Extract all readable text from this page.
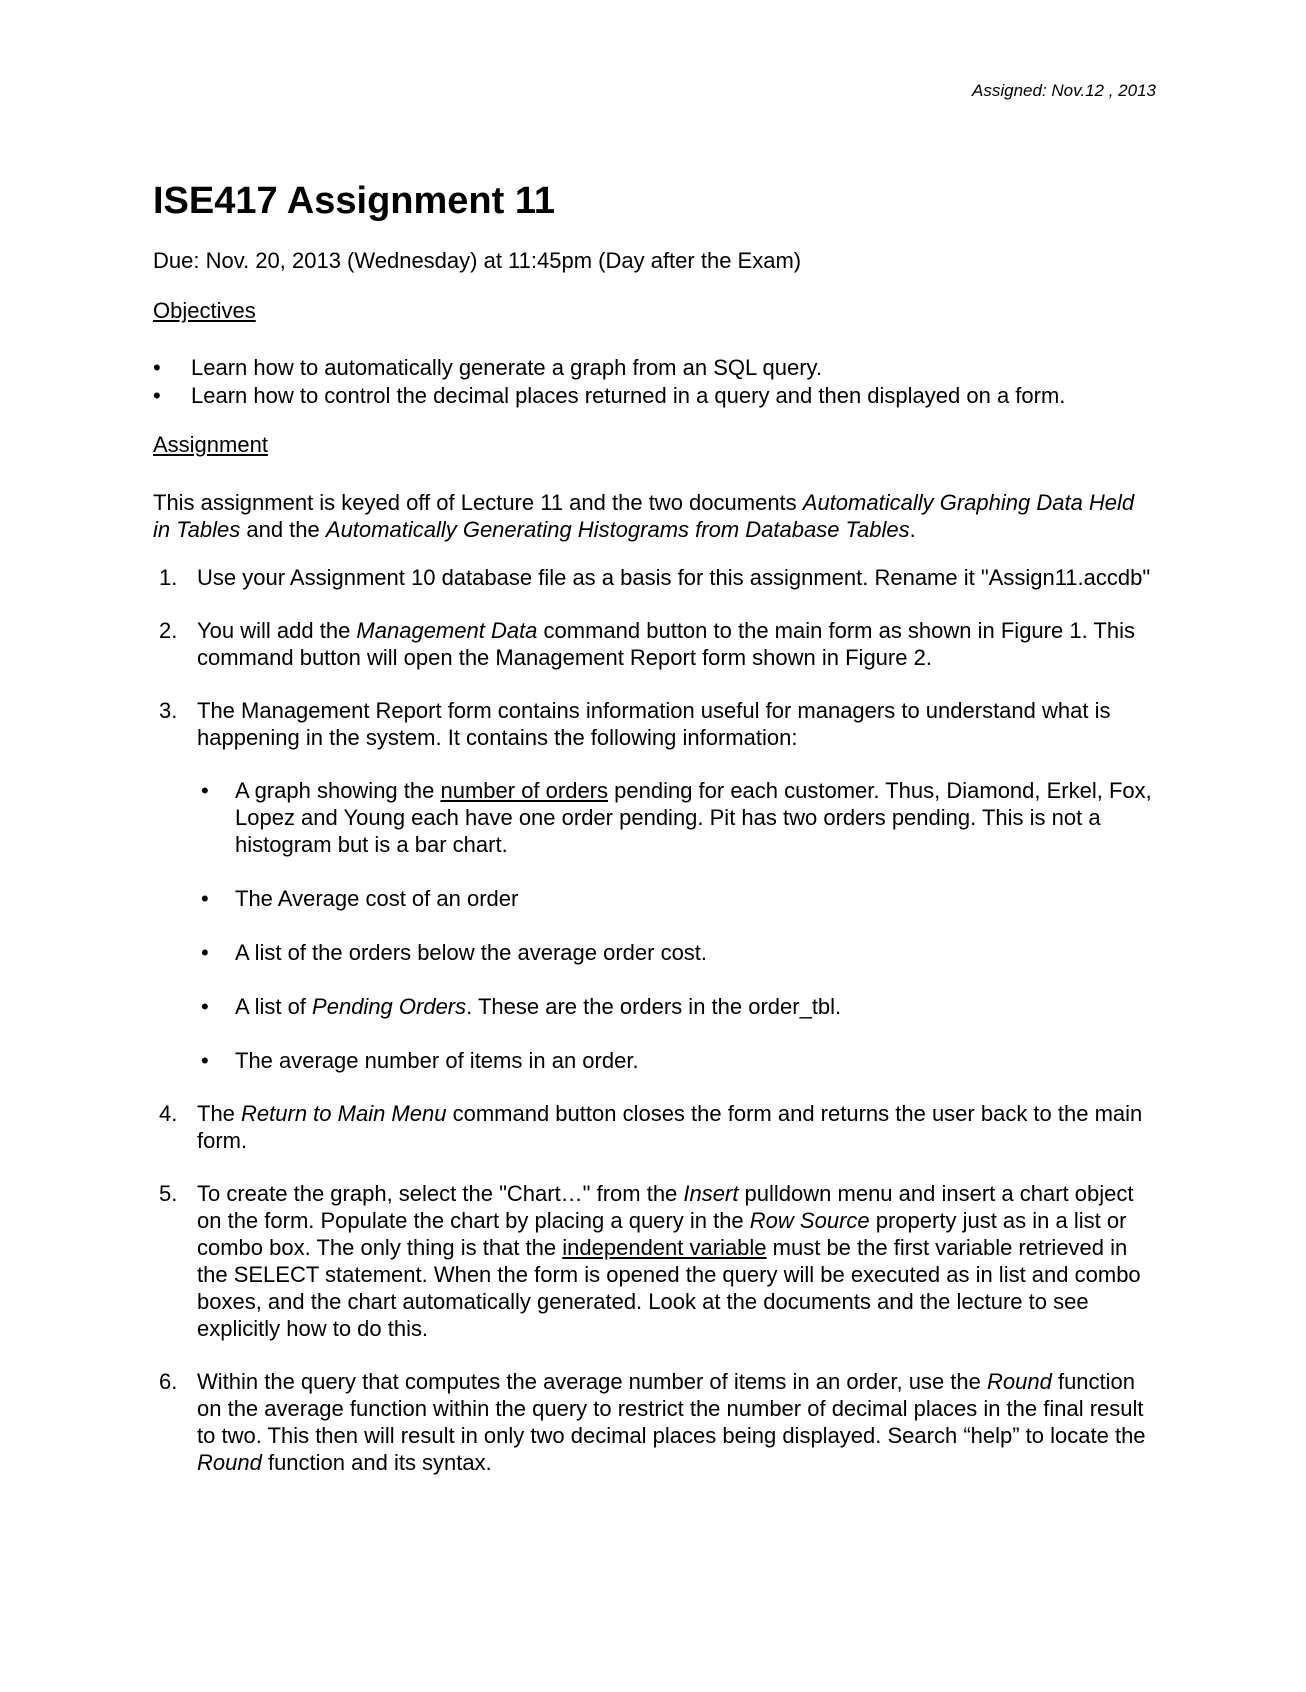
Assigned: Nov.12 , 2013
ISE417 Assignment 11
Due: Nov. 20, 2013 (Wednesday) at 11:45pm (Day after the Exam)
Objectives
• Learn how to automatically generate a graph from an SQL query.
• Learn how to control the decimal places returned in a query and then displayed on a form.
Assignment

This assignment is keyed off of Lecture 11 and the two documents Automatically Graphing Data Held in Tables and the Automatically Generating Histograms from Database Tables.

1. Use your Assignment 10 database file as a basis for this assignment. Rename it "Assign11.accdb"
2. You will add the Management Data command button to the main form as shown in Figure 1. This command button will open the Management Report form shown in Figure 2.
3. The Management Report form contains information useful for managers to understand what is happening in the system. It contains the following information:
• A graph showing the number of orders pending for each customer. Thus, Diamond, Erkel, Fox, Lopez and Young each have one order pending. Pit has two orders pending. This is not a histogram but is a bar chart.
• The Average cost of an order
• A list of the orders below the average order cost.
• A list of Pending Orders. These are the orders in the order_tbl.
• The average number of items in an order.
4. The Return to Main Menu command button closes the form and returns the user back to the main form.
5. To create the graph, select the "Chart…" from the Insert pulldown menu and insert a chart object on the form. Populate the chart by placing a query in the Row Source property just as in a list or combo box. The only thing is that the independent variable must be the first variable retrieved in the SELECT statement. When the form is opened the query will be executed as in list and combo boxes, and the chart automatically generated. Look at the documents and the lecture to see explicitly how to do this.
6. Within the query that computes the average number of items in an order, use the Round function on the average function within the query to restrict the number of decimal places in the final result to two. This then will result in only two decimal places being displayed. Search “help” to locate the Round function and its syntax.
